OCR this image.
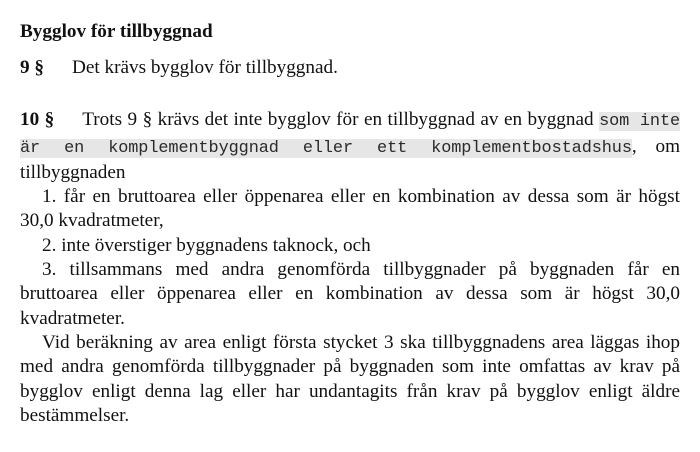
Bygglov för tillbyggnad

9 § Det krävs bygglov för tillbyggnad.

10 § Trots 9 § krävs det inte bygglov för en tillbyggnad av en byggnad som inte är en komplementbyggnad eller ett komplementbostadshus, om tillbyggnaden

1. får en bruttoarea eller öppenarea eller en kombination av dessa som är högst 30,0 kvadratmeter,

2. inte överstiger byggnadens taknock, och

3. tillsammans med andra genomförda tillbyggnader på byggnaden får en bruttoarea eller öppenarea eller en kombination av dessa som är högst 30,0 kvadratmeter.

Vid beräkning av area enligt första stycket 3 ska tillbyggnadens area läggas ihop med andra genomförda tillbyggnader på byggnaden som inte omfattas av krav på bygglov enligt denna lag eller har undantagits från krav på bygglov enligt äldre bestämmelser.
